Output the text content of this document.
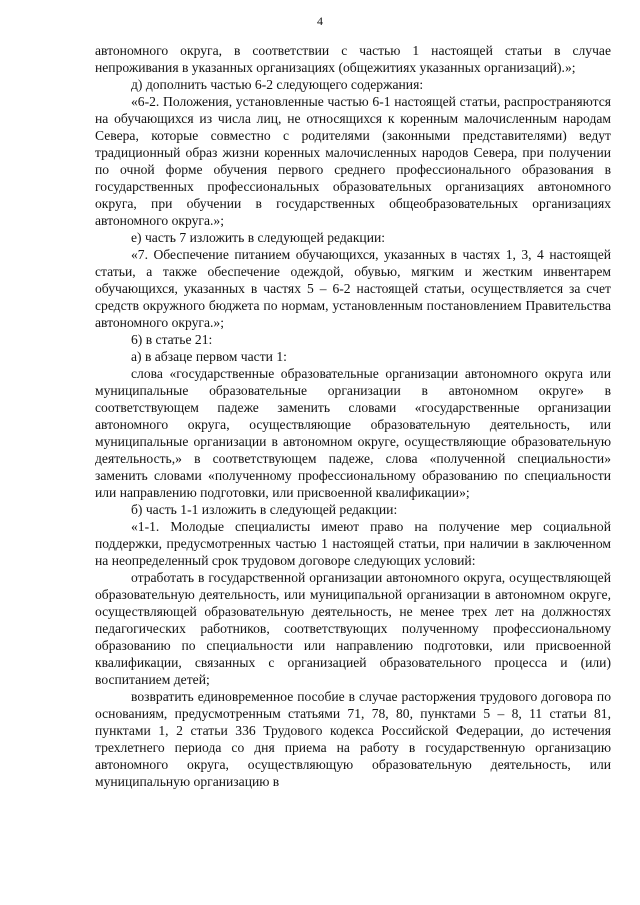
4

автономного округа, в соответствии с частью 1 настоящей статьи в случае непроживания в указанных организациях (общежитиях указанных организаций).»;

д) дополнить частью 6-2 следующего содержания:

«6-2. Положения, установленные частью 6-1 настоящей статьи, распространяются на обучающихся из числа лиц, не относящихся к коренным малочисленным народам Севера, которые совместно с родителями (законными представителями) ведут традиционный образ жизни коренных малочисленных народов Севера, при получении по очной форме обучения первого среднего профессионального образования в государственных профессиональных образовательных организациях автономного округа, при обучении в государственных общеобразовательных организациях автономного округа.»;

е) часть 7 изложить в следующей редакции:

«7. Обеспечение питанием обучающихся, указанных в частях 1, 3, 4 настоящей статьи, а также обеспечение одеждой, обувью, мягким и жестким инвентарем обучающихся, указанных в частях 5 – 6-2 настоящей статьи, осуществляется за счет средств окружного бюджета по нормам, установленным постановлением Правительства автономного округа.»;

6) в статье 21:

а) в абзаце первом части 1:

слова «государственные образовательные организации автономного округа или муниципальные образовательные организации в автономном округе» в соответствующем падеже заменить словами «государственные организации автономного округа, осуществляющие образовательную деятельность, или муниципальные организации в автономном округе, осуществляющие образовательную деятельность,» в соответствующем падеже, слова «полученной специальности» заменить словами «полученному профессиональному образованию по специальности или направлению подготовки, или присвоенной квалификации»;

б) часть 1-1 изложить в следующей редакции:

«1-1. Молодые специалисты имеют право на получение мер социальной поддержки, предусмотренных частью 1 настоящей статьи, при наличии в заключенном на неопределенный срок трудовом договоре следующих условий:

отработать в государственной организации автономного округа, осуществляющей образовательную деятельность, или муниципальной организации в автономном округе, осуществляющей образовательную деятельность, не менее трех лет на должностях педагогических работников, соответствующих полученному профессиональному образованию по специальности или направлению подготовки, или присвоенной квалификации, связанных с организацией образовательного процесса и (или) воспитанием детей;

возвратить единовременное пособие в случае расторжения трудового договора по основаниям, предусмотренным статьями 71, 78, 80, пунктами 5 – 8, 11 статьи 81, пунктами 1, 2 статьи 336 Трудового кодекса Российской Федерации, до истечения трехлетнего периода со дня приема на работу в государственную организацию автономного округа, осуществляющую образовательную деятельность, или муниципальную организацию в
